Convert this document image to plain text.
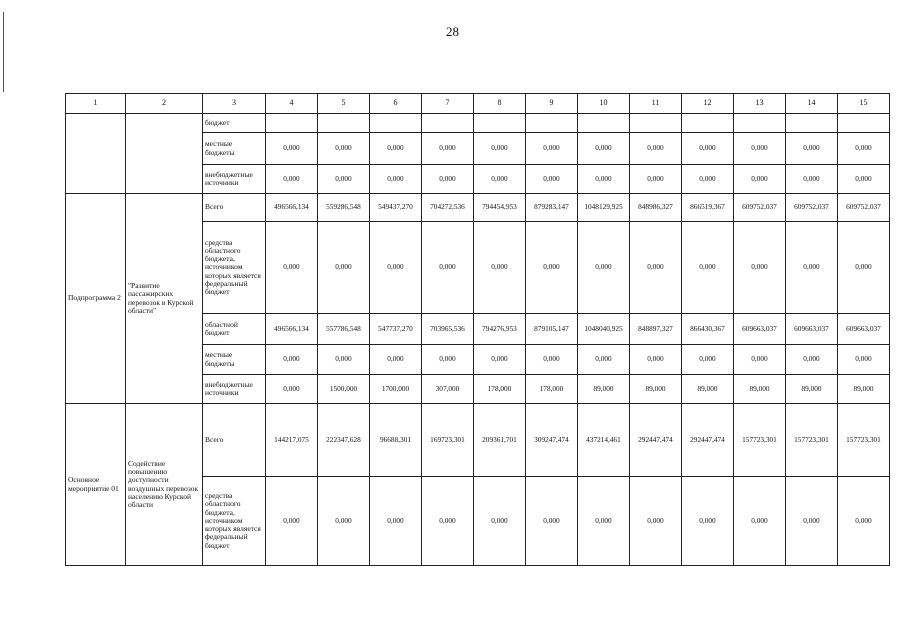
28
1	2	3	4	5	6	7	8	9	10	11	12	13	14	15
		бюджет												
		местные бюджеты	0,000	0,000	0,000	0,000	0,000	0,000	0,000	0,000	0,000	0,000	0,000	0,000
		внебюджетные источники	0,000	0,000	0,000	0,000	0,000	0,000	0,000	0,000	0,000	0,000	0,000	0,000
Подпрограмма 2	"Развитие пассажирских перевозок в Курской области"	Всего	496566,134	559286,548	549437,270	704272,536	794454,953	879283,147	1048129,925	848986,327	866519,367	609752,037	609752,037	609752,037
		средства областного бюджета, источником которых является федеральный бюджет	0,000	0,000	0,000	0,000	0,000	0,000	0,000	0,000	0,000	0,000	0,000	0,000
		областной бюджет	496566,134	557786,548	547737,270	703965,536	794276,953	879105,147	1048040,925	848897,327	866430,367	609663,037	609663,037	609663,037
		местные бюджеты	0,000	0,000	0,000	0,000	0,000	0,000	0,000	0,000	0,000	0,000	0,000	0,000
		внебюджетные источники	0,000	1500,000	1700,000	307,000	178,000	178,000	89,000	89,000	89,000	89,000	89,000	89,000
Основное мероприятие 01	Содействие повышению доступности воздушных перевозок населению Курской области	Всего	144217,075	222347,628	96688,301	169723,301	209361,701	309247,474	437214,461	292447,474	292447,474	157723,301	157723,301	157723,301
		средства областного бюджета, источником которых является федеральный бюджет	0,000	0,000	0,000	0,000	0,000	0,000	0,000	0,000	0,000	0,000	0,000	0,000
